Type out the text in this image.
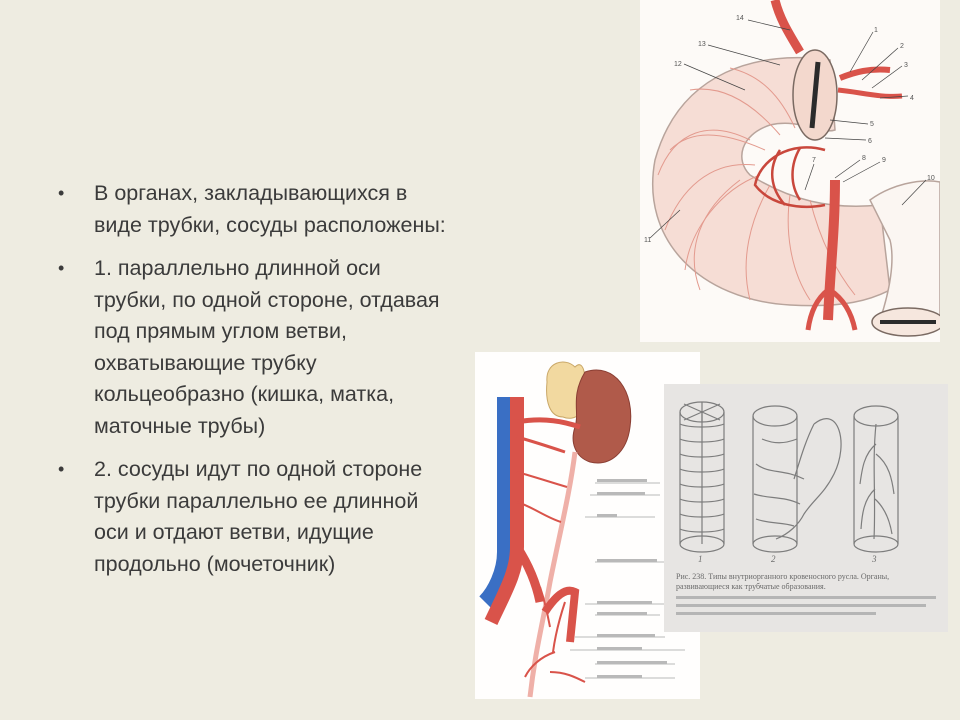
• В органах, закладывающихся в виде трубки, сосуды расположены:
• 1. параллельно длинной оси трубки, по одной стороне, отдавая под прямым углом ветви, охватывающие трубку кольцеобразно (кишка, матка, маточные трубы)
• 2. сосуды идут по одной стороне трубки параллельно ее длинной оси и отдают ветви, идущие продольно (мочеточник)
14
13
12
1
2
3
4
5
6
7	8 9
10
11
1	2	3
Рис. 238. Типы внутриорганного кровеносного русла. Органы, развивающиеся как трубчатые образования.
